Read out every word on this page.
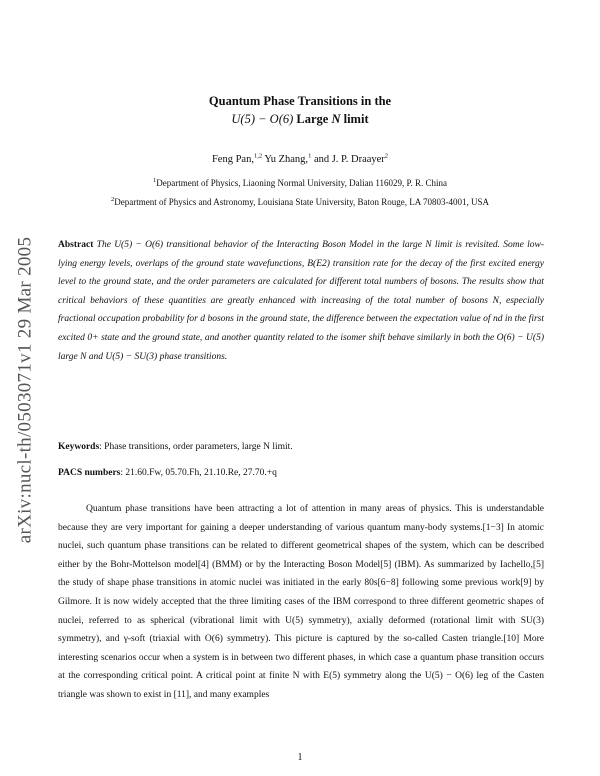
arXiv:nucl-th/0503071v1 29 Mar 2005
Quantum Phase Transitions in the
U(5) − O(6) Large N limit
Feng Pan,$^{1,2}$ Yu Zhang,$^1$ and J. P. Draayer$^2$
$^1$Department of Physics, Liaoning Normal University, Dalian 116029, P. R. China
$^2$Department of Physics and Astronomy, Louisiana State University, Baton Rouge, LA 70803-4001, USA
Abstract The U(5) − O(6) transitional behavior of the Interacting Boson Model in the large N limit is revisited. Some low-lying energy levels, overlaps of the ground state wavefunctions, B(E2) transition rate for the decay of the first excited energy level to the ground state, and the order parameters are calculated for different total numbers of bosons. The results show that critical behaviors of these quantities are greatly enhanced with increasing of the total number of bosons N, especially fractional occupation probability for d bosons in the ground state, the difference between the expectation value of nd in the first excited 0+ state and the ground state, and another quantity related to the isomer shift behave similarly in both the O(6) − U(5) large N and U(5) − SU(3) phase transitions.
Keywords: Phase transitions, order parameters, large N limit.
PACS numbers: 21.60.Fw, 05.70.Fh, 21.10.Re, 27.70.+q

Quantum phase transitions have been attracting a lot of attention in many areas of physics. This is understandable because they are very important for gaining a deeper understanding of various quantum many-body systems.[1−3] In atomic nuclei, such quantum phase transitions can be related to different geometrical shapes of the system, which can be described either by the Bohr-Mottelson model[4] (BMM) or by the Interacting Boson Model[5] (IBM). As summarized by Iachello,[5] the study of shape phase transitions in atomic nuclei was initiated in the early 80s[6−8] following some previous work[9] by Gilmore. It is now widely accepted that the three limiting cases of the IBM correspond to three different geometric shapes of nuclei, referred to as spherical (vibrational limit with U(5) symmetry), axially deformed (rotational limit with SU(3) symmetry), and γ-soft (triaxial with O(6) symmetry). This picture is captured by the so-called Casten triangle.[10] More interesting scenarios occur when a system is in between two different phases, in which case a quantum phase transition occurs at the corresponding critical point. A critical point at finite N with E(5) symmetry along the U(5) − O(6) leg of the Casten triangle was shown to exist in [11], and many examples

1
